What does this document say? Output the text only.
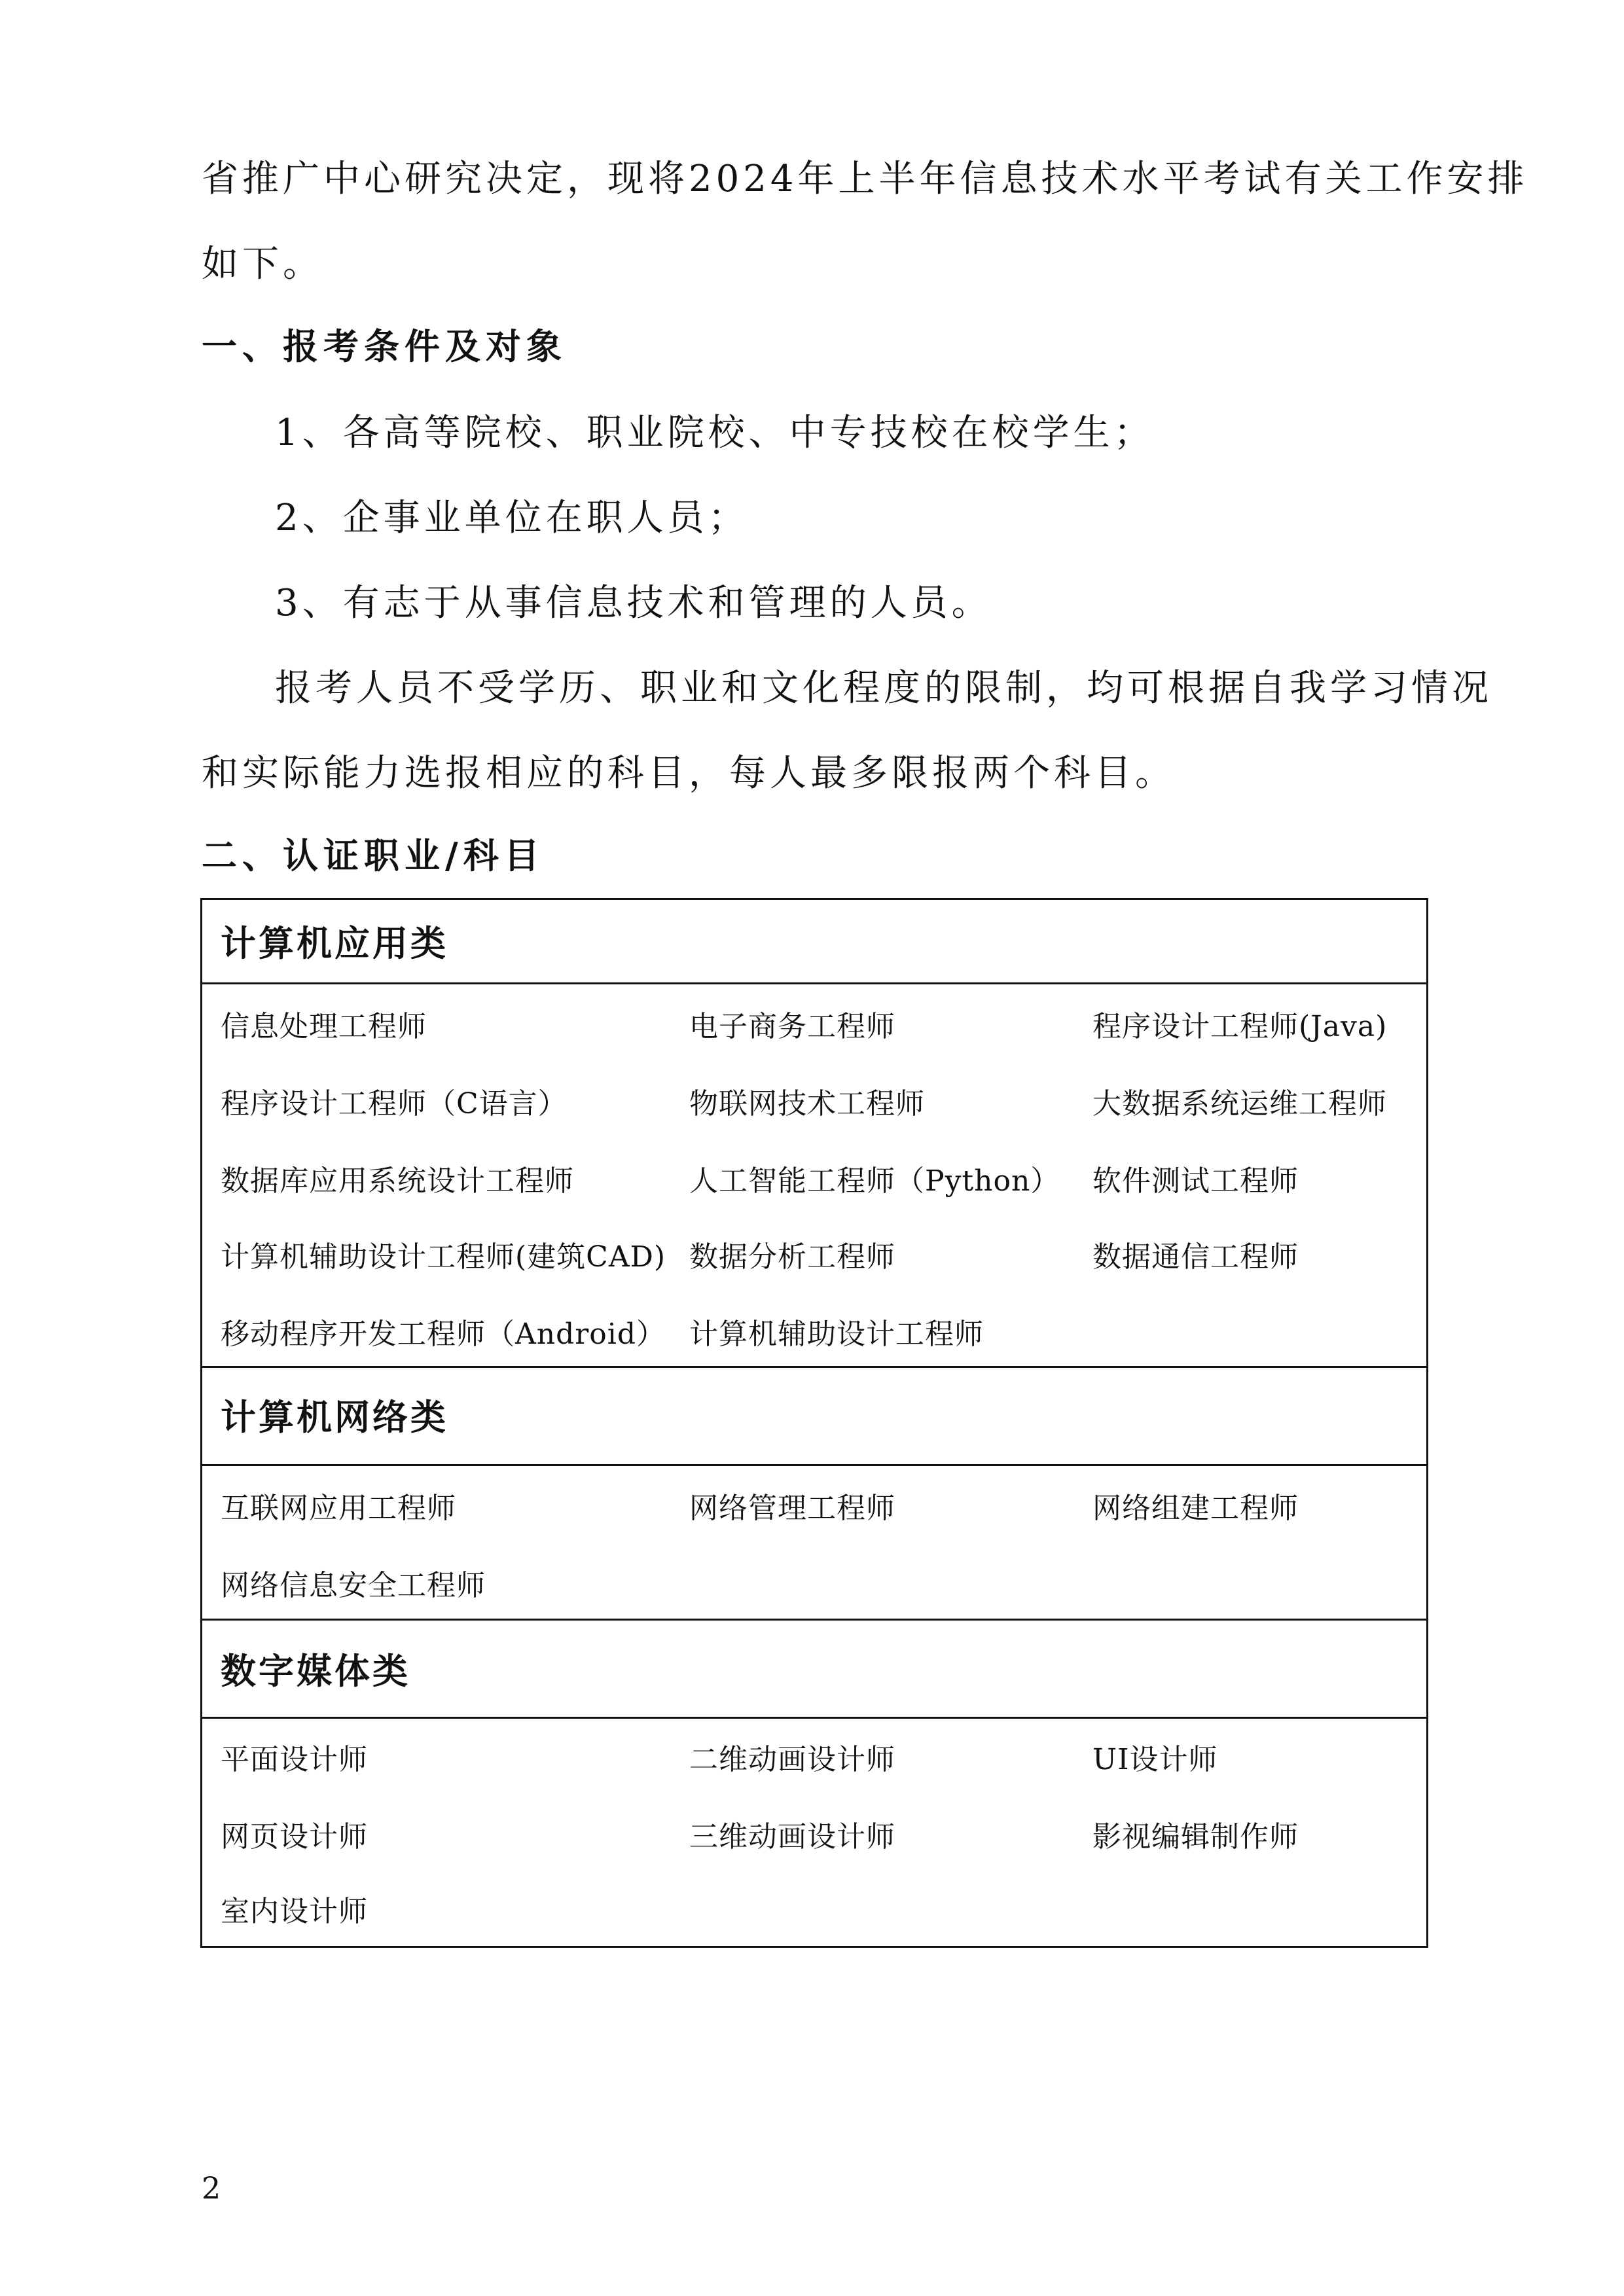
省推广中心研究决定，现将2024年上半年信息技术水平考试有关工作安排
如下。
一、报考条件及对象
1、各高等院校、职业院校、中专技校在校学生；
2、企事业单位在职人员；
3、有志于从事信息技术和管理的人员。
报考人员不受学历、职业和文化程度的限制，均可根据自我学习情况
和实际能力选报相应的科目，每人最多限报两个科目。
二、认证职业/科目
计算机应用类
信息处理工程师	电子商务工程师	程序设计工程师(Java)
程序设计工程师（C语言）	物联网技术工程师	大数据系统运维工程师
数据库应用系统设计工程师	人工智能工程师（Python） 软件测试工程师
计算机辅助设计工程师(建筑CAD) 数据分析工程师	数据通信工程师
移动程序开发工程师（Android） 计算机辅助设计工程师
计算机网络类
互联网应用工程师	网络管理工程师	网络组建工程师
网络信息安全工程师
数字媒体类
平面设计师	二维动画设计师	UI设计师
网页设计师	三维动画设计师	影视编辑制作师
室内设计师
2
